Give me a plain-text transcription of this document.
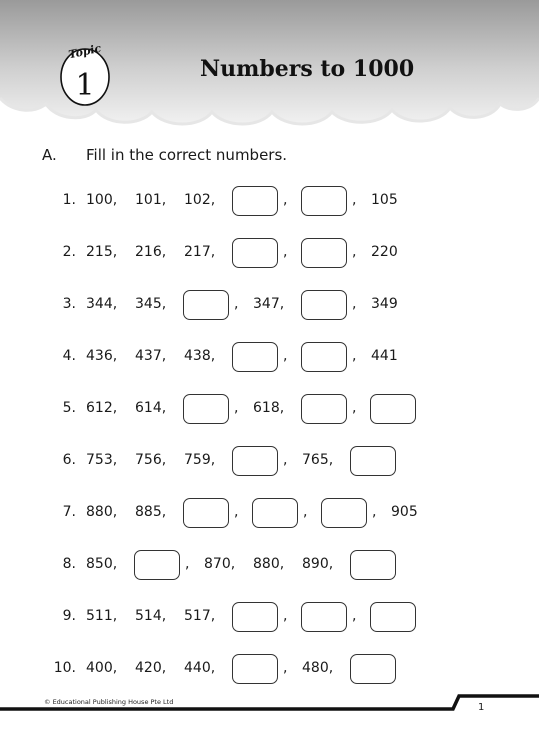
Topic
1	Numbers to 1000
A. Fill in the correct numbers.
1. 100, 101, 102,	,	, 105
2. 215, 216, 217,	,	, 220
3. 344, 345,	, 347,	, 349
4. 436, 437, 438,	,	, 441
5. 612, 614,	, 618,	,
6. 753, 756, 759,	, 765,
7. 880, 885,	,	,	, 905
8. 850,	, 870, 880, 890,
9. 511, 514, 517,	,	,
10. 400, 420, 440,	, 480,
© Educational Publishing House Pte Ltd	1
